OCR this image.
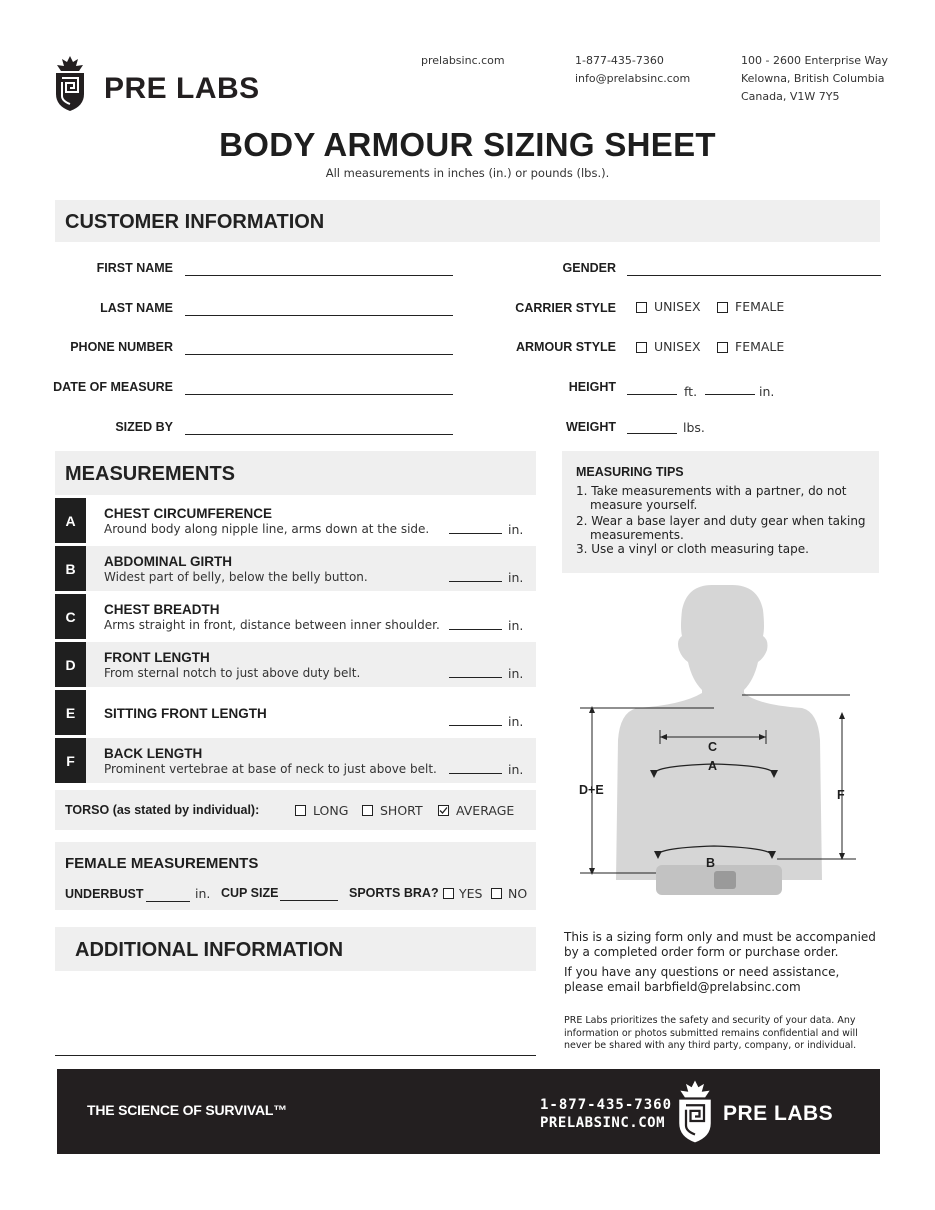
PRE LABS
prelabsinc.com	1-877-435-7360
info@prelabsinc.com
100 - 2600 Enterprise Way
Kelowna, British Columbia
Canada, V1W 7Y5
BODY ARMOUR SIZING SHEET
All measurements in inches (in.) or pounds (lbs.).
CUSTOMER INFORMATION
FIRST NAME
LAST NAME
PHONE NUMBER
DATE OF MEASURE
SIZED BY
GENDER
CARRIER STYLE	UNISEX	FEMALE
ARMOUR STYLE	UNISEX	FEMALE
HEIGHT	ft.	in.
WEIGHT	lbs.
MEASUREMENTS
A	CHEST CIRCUMFERENCE
Around body along nipple line, arms down at the side.	in.
B	ABDOMINAL GIRTH
Widest part of belly, below the belly button.	in.
C	CHEST BREADTH
Arms straight in front, distance between inner shoulder.	in.
D	FRONT LENGTH
From sternal notch to just above duty belt.	in.
E	SITTING FRONT LENGTH
in.
F	BACK LENGTH
Prominent vertebrae at base of neck to just above belt.	in.
TORSO (as stated by individual):	LONG	SHORT	AVERAGE
FEMALE MEASUREMENTS
UNDERBUST	in. CUP SIZE	SPORTS BRA? YES NO
ADDITIONAL INFORMATION
MEASURING TIPS
1. Take measurements with a partner, do not
measure yourself.
2. Wear a base layer and duty gear when taking
measurements.
3. Use a vinyl or cloth measuring tape.
C
A
B
D+E	F
This is a sizing form only and must be accompanied by a completed order form or purchase order.
If you have any questions or need assistance, please email barbfield@prelabsinc.com
PRE Labs prioritizes the safety and security of your data. Any information or photos submitted remains confidential and will never be shared with any third party, company, or individual.
THE SCIENCE OF SURVIVAL™	1-877-435-7360
PRELABSINC.COM	PRE LABS
